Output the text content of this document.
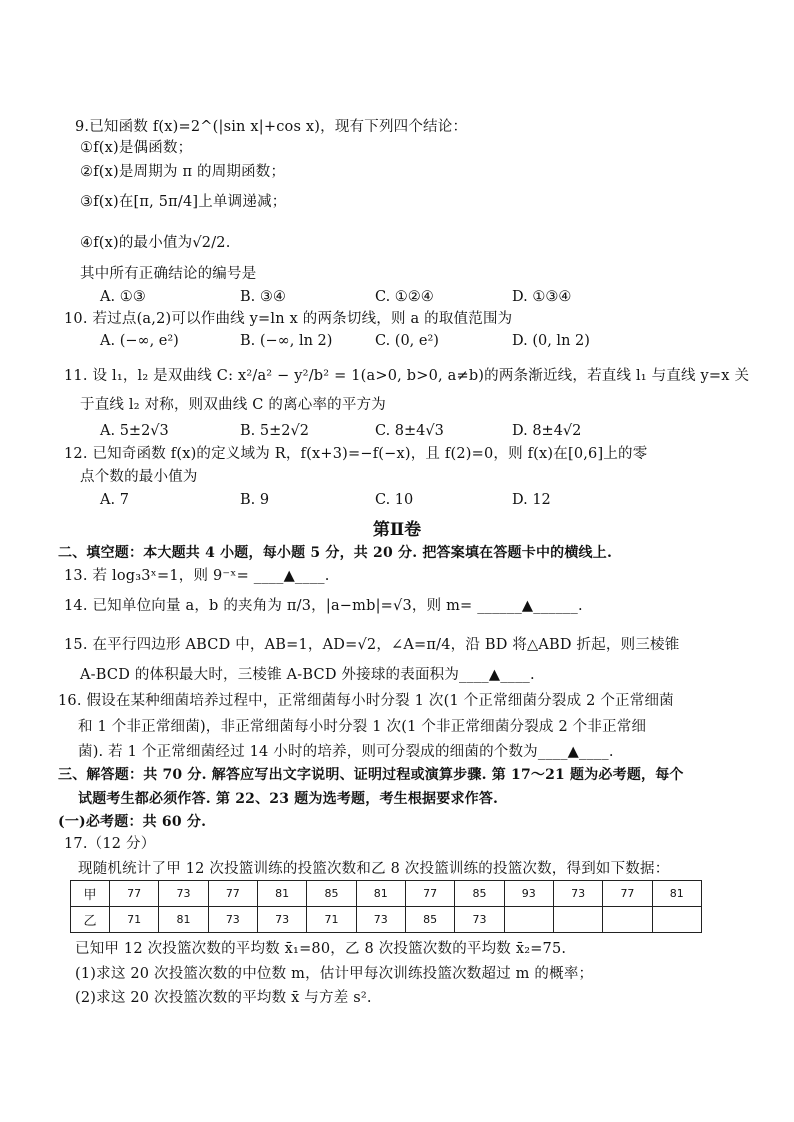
9.已知函数 f(x)=2^(|sin x|+cos x)，现有下列四个结论：
①f(x)是偶函数；
②f(x)是周期为 π 的周期函数；
③f(x)在[π, 5π/4]上单调递减；
④f(x)的最小值为√2/2.
其中所有正确结论的编号是
A. ①③	B. ③④	C. ①②④	D. ①③④
10. 若过点(a,2)可以作曲线 y=ln x 的两条切线，则 a 的取值范围为
A. (−∞, e²)	B. (−∞, ln 2)	C. (0, e²)	D. (0, ln 2)
11. 设 l₁，l₂ 是双曲线 C: x²/a² − y²/b² = 1(a>0, b>0, a≠b)的两条渐近线，若直线 l₁ 与直线 y=x 关
于直线 l₂ 对称，则双曲线 C 的离心率的平方为
A. 5±2√3	B. 5±2√2	C. 8±4√3	D. 8±4√2
12. 已知奇函数 f(x)的定义域为 R，f(x+3)=−f(−x)，且 f(2)=0，则 f(x)在[0,6]上的零
点个数的最小值为
A. 7	B. 9	C. 10	D. 12
第Ⅱ卷
二、填空题：本大题共 4 小题，每小题 5 分，共 20 分. 把答案填在答题卡中的横线上.
13. 若 log₃3ˣ=1，则 9⁻ˣ= ____▲____.
14. 已知单位向量 a，b 的夹角为 π/3，|a−mb|=√3，则 m= ______▲______.
15. 在平行四边形 ABCD 中，AB=1，AD=√2，∠A=π/4，沿 BD 将△ABD 折起，则三棱锥
A-BCD 的体积最大时，三棱锥 A-BCD 外接球的表面积为____▲____.
16. 假设在某种细菌培养过程中，正常细菌每小时分裂 1 次(1 个正常细菌分裂成 2 个正常细菌
和 1 个非正常细菌)，非正常细菌每小时分裂 1 次(1 个非正常细菌分裂成 2 个非正常细
菌). 若 1 个正常细菌经过 14 小时的培养，则可分裂成的细菌的个数为____▲____.
三、解答题：共 70 分. 解答应写出文字说明、证明过程或演算步骤. 第 17～21 题为必考题，每个
试题考生都必须作答. 第 22、23 题为选考题，考生根据要求作答.
(一)必考题：共 60 分.
17.（12 分）
现随机统计了甲 12 次投篮训练的投篮次数和乙 8 次投篮训练的投篮次数，得到如下数据：
甲	77	73	77	81	85	81	77	85	93	73	77	81
乙	71	81	73	73	71	73	85	73				
已知甲 12 次投篮次数的平均数 x̄₁=80，乙 8 次投篮次数的平均数 x̄₂=75.
(1)求这 20 次投篮次数的中位数 m，估计甲每次训练投篮次数超过 m 的概率；
(2)求这 20 次投篮次数的平均数 x̄ 与方差 s².
